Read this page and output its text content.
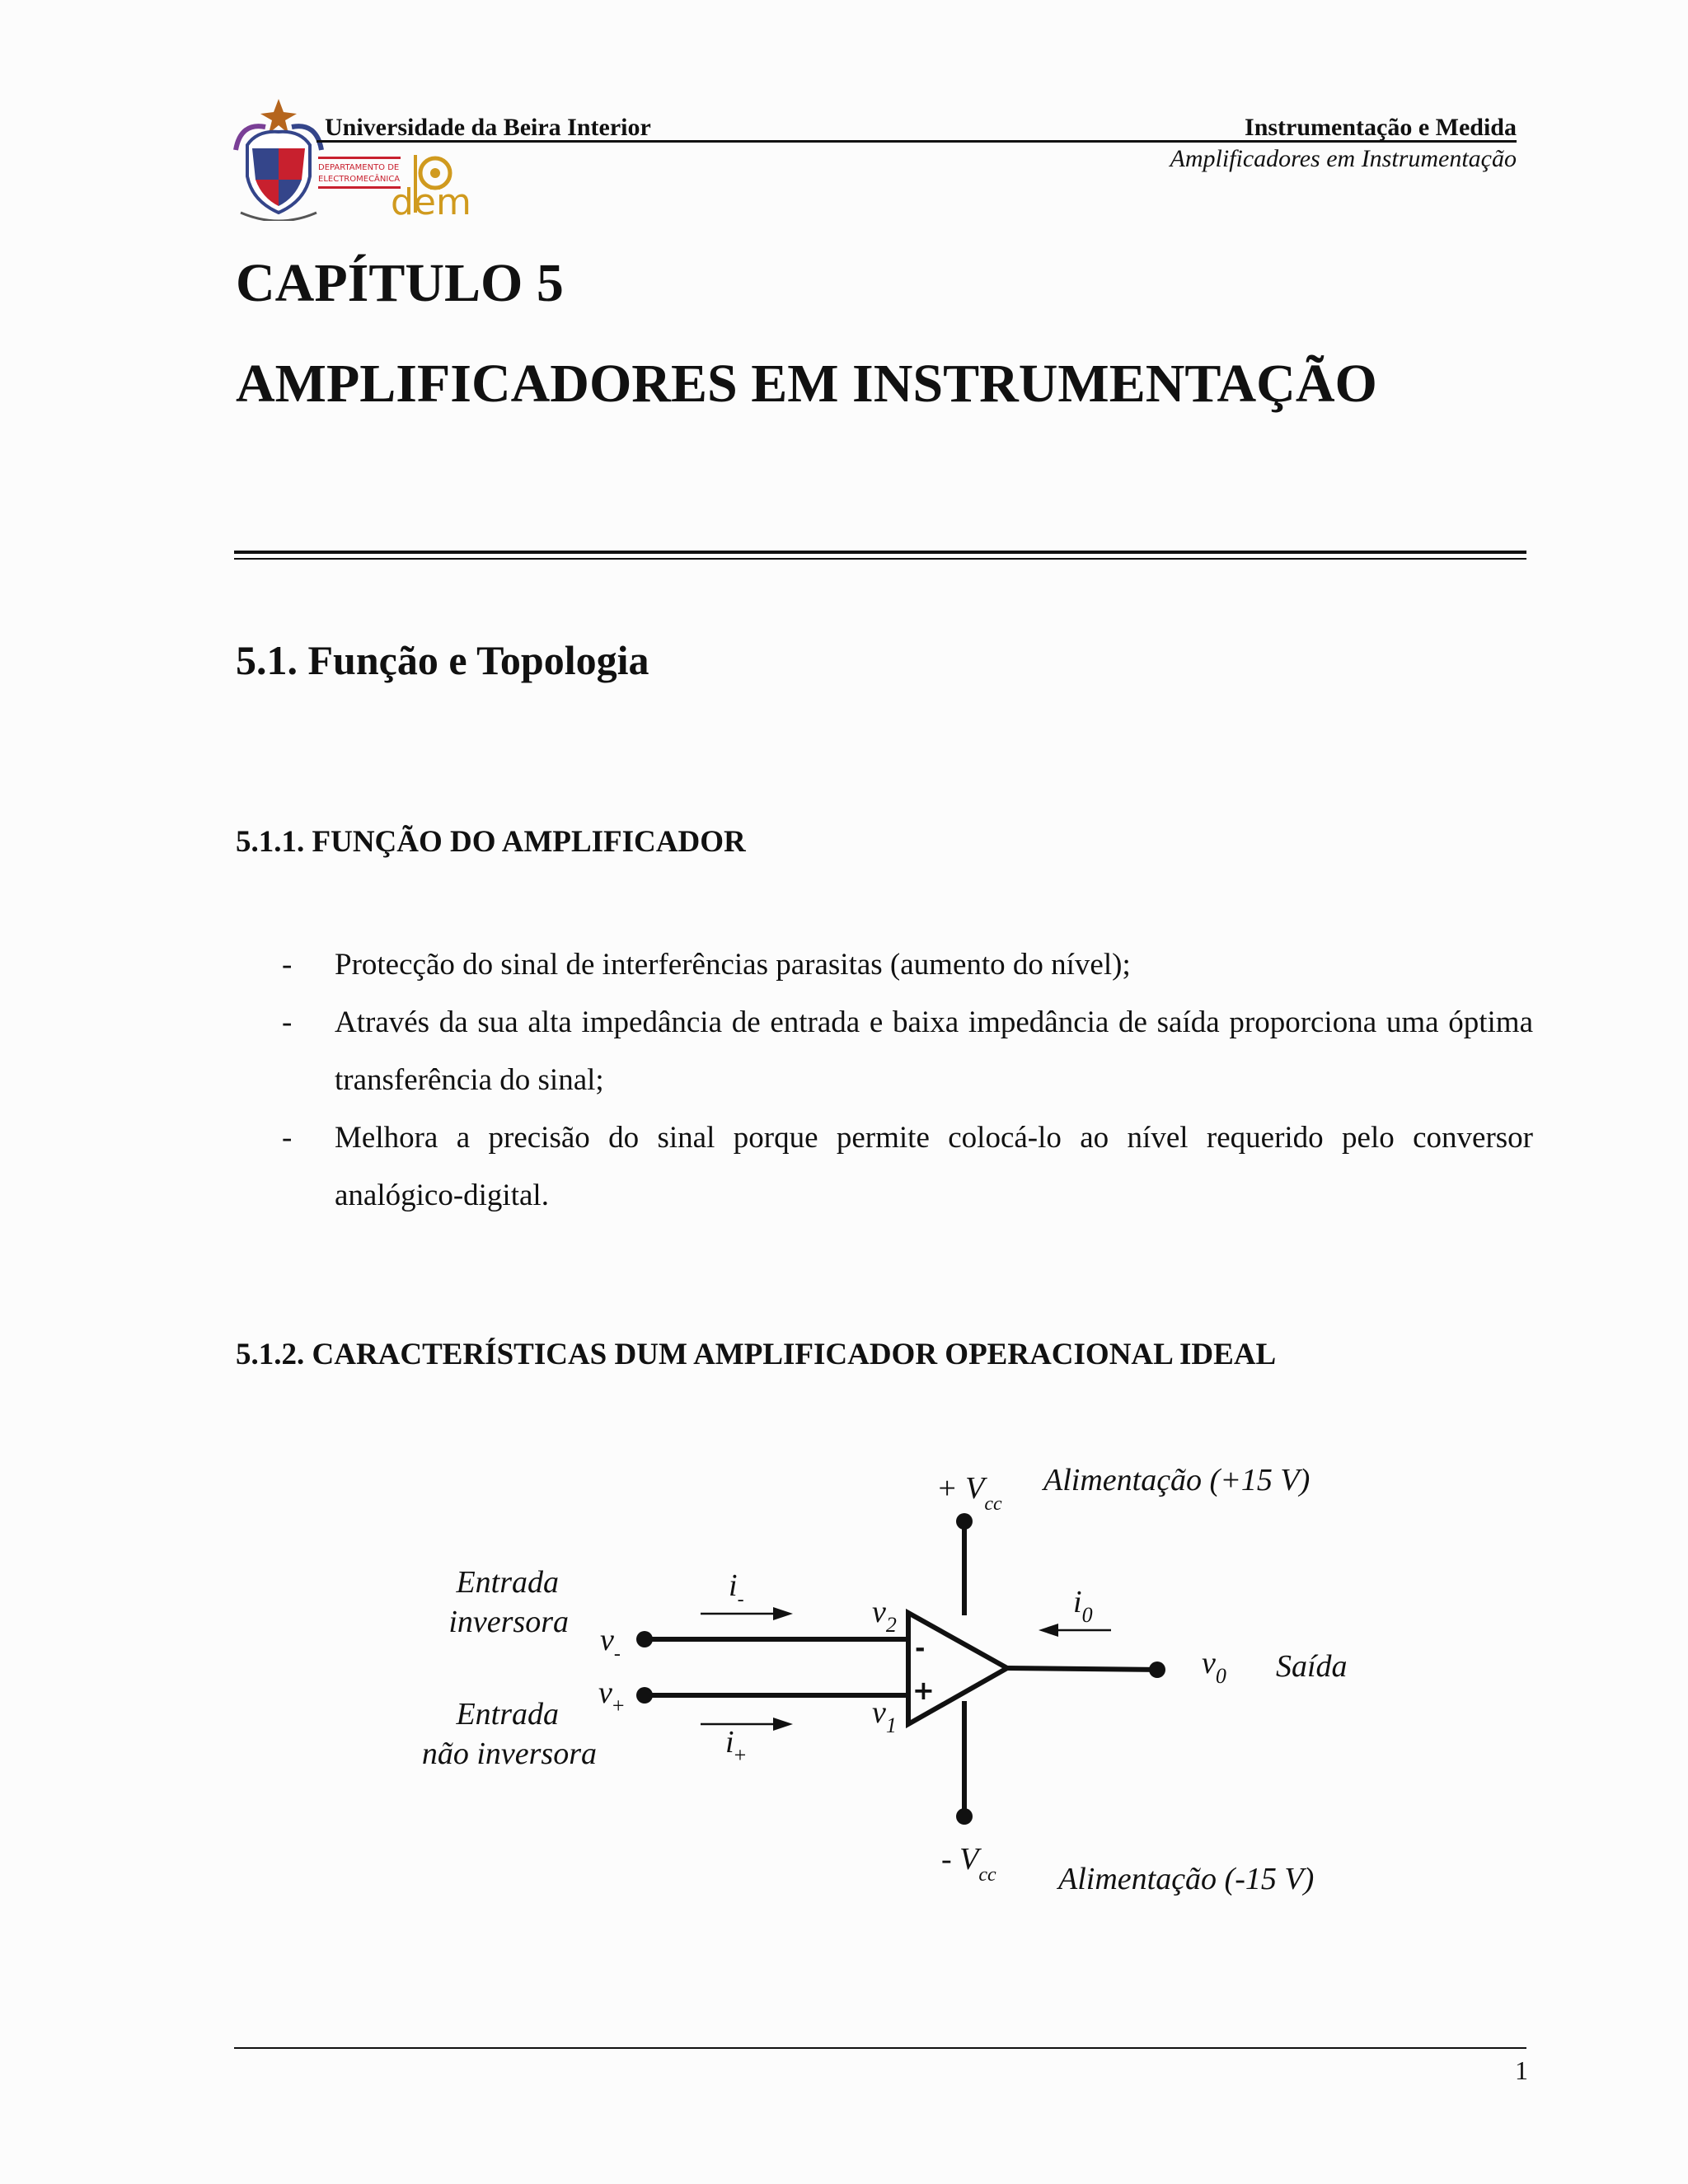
DEPARTAMENTO DE
ELECTROMECÂNICA
dem
Universidade da Beira Interior	Instrumentação e Medida
Amplificadores em Instrumentação
CAPÍTULO 5
AMPLIFICADORES EM INSTRUMENTAÇÃO
5.1. Função e Topologia
5.1.1. FUNÇÃO DO AMPLIFICADOR
- Protecção do sinal de interferências parasitas (aumento do nível);
- Através da sua alta impedância de entrada e baixa impedância de saída proporciona uma óptima transferência do sinal;
- Melhora a precisão do sinal porque permite colocá-lo ao nível requerido pelo conversor analógico-digital.
5.1.2. CARACTERÍSTICAS DUM AMPLIFICADOR OPERACIONAL IDEAL
-
+
+ $V_{cc}$
- $V_{cc}$
Alimentação (+15 V)
Alimentação (-15 V)
Entrada
inversora
Entrada
não inversora
$v_-$
$v_+$
$i_-$
$i_+$
$v_2$
$v_1$
$i_0$
$v_0$ Saída
1
